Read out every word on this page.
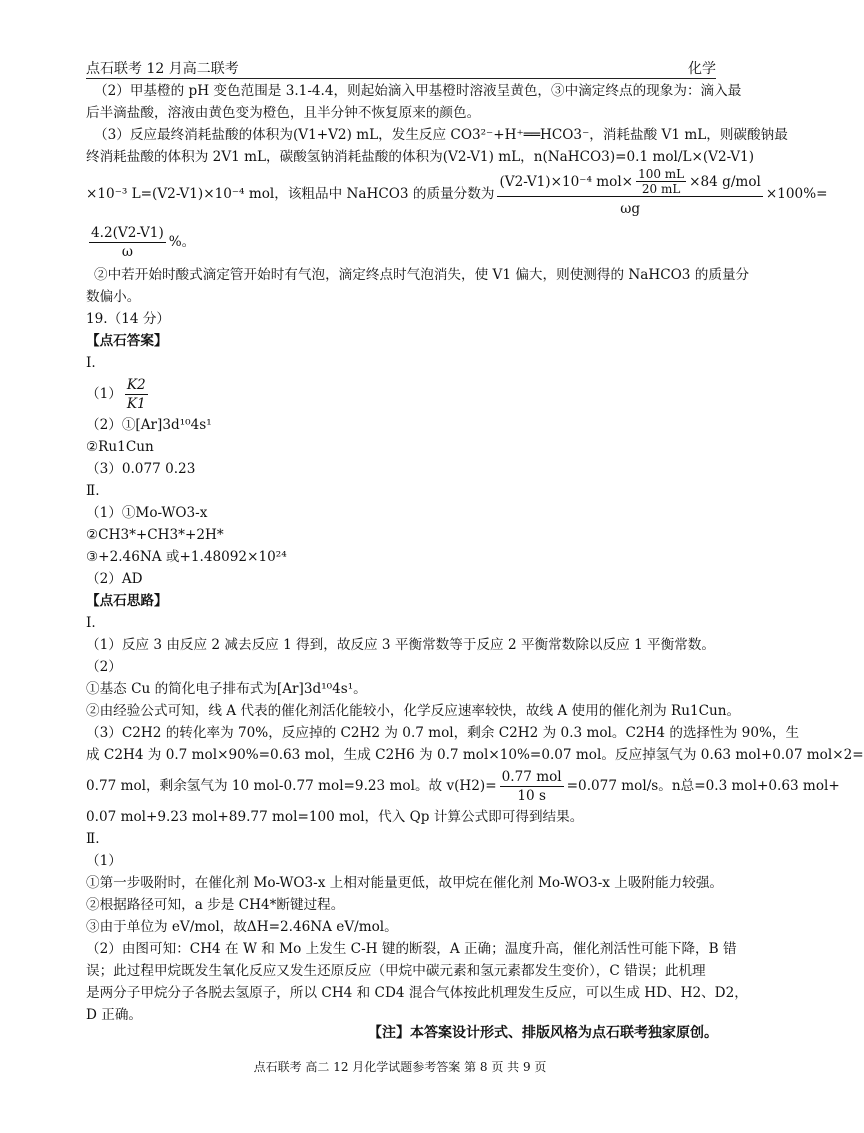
点石联考 12 月高二联考	化学
（2）甲基橙的 pH 变色范围是 3.1-4.4，则起始滴入甲基橙时溶液呈黄色，③中滴定终点的现象为：滴入最
后半滴盐酸，溶液由黄色变为橙色，且半分钟不恢复原来的颜色。
（3）反应最终消耗盐酸的体积为(V1+V2) mL，发生反应 CO3²⁻+H⁺══HCO3⁻，消耗盐酸 V1 mL，则碳酸钠最
终消耗盐酸的体积为 2V1 mL，碳酸氢钠消耗盐酸的体积为(V2-V1) mL，n(NaHCO3)=0.1 mol/L×(V2-V1)
×10⁻³ L=(V2-V1)×10⁻⁴ mol，该粗品中 NaHCO3 的质量分数为
(V2-V1)×10⁻⁴ $mol\times \frac{100 mL}{20 mL} \times 84$ g/mol
ωg
×100%=
$\frac{4.2(V2-V1)}{\omega}$ %。
②中若开始时酸式滴定管开始时有气泡，滴定终点时气泡消失，使 V1 偏大，则使测得的 NaHCO3 的质量分
数偏小。
19.（14 分）
【点石答案】
Ⅰ.
$(1) \frac{K2}{K1}$
（2）①[Ar]3d¹⁰4s¹
②Ru1Cun
（3）0.077 0.23
Ⅱ.
（1）①Mo-WO3-x
②CH3*+CH3*+2H*
③+2.46NA 或+1.48092×10²⁴
（2）AD
【点石思路】
Ⅰ.
（1）反应 3 由反应 2 减去反应 1 得到，故反应 3 平衡常数等于反应 2 平衡常数除以反应 1 平衡常数。
（2）
①基态 Cu 的简化电子排布式为[Ar]3d¹⁰4s¹。
②由经验公式可知，线 A 代表的催化剂活化能较小，化学反应速率较快，故线 A 使用的催化剂为 Ru1Cun。
（3）C2H2 的转化率为 70%，反应掉的 C2H2 为 0.7 mol，剩余 C2H2 为 0.3 mol。C2H4 的选择性为 90%，生
成 C2H4 为 0.7 mol×90%=0.63 mol，生成 C2H6 为 0.7 mol×10%=0.07 mol。反应掉氢气为 0.63 mol+0.07 mol×2=
0.77 mol，剩余氢气为 10 mol-0.77 mol=9.23 mol。故 $v(H2)= \frac{\text{0.77 mol}}{10 s} =0.077$ mol/s。n总=0.3 mol+0.63 mol+
0.07 mol+9.23 mol+89.77 mol=100 mol，代入 Qp 计算公式即可得到结果。
Ⅱ.
（1）
①第一步吸附时，在催化剂 Mo-WO3-x 上相对能量更低，故甲烷在催化剂 Mo-WO3-x 上吸附能力较强。
②根据路径可知，a 步是 CH4*断键过程。
③由于单位为 eV/mol，故ΔH=2.46NA eV/mol。
（2）由图可知：CH4 在 W 和 Mo 上发生 C-H 键的断裂，A 正确；温度升高，催化剂活性可能下降，B 错
误；此过程甲烷既发生氧化反应又发生还原反应（甲烷中碳元素和氢元素都发生变价），C 错误；此机理
是两分子甲烷分子各脱去氢原子，所以 CH4 和 CD4 混合气体按此机理发生反应，可以生成 HD、H2、D2，
D 正确。
【注】本答案设计形式、排版风格为点石联考独家原创。
点石联考 高二 12 月化学试题参考答案 第 8 页 共 9 页
